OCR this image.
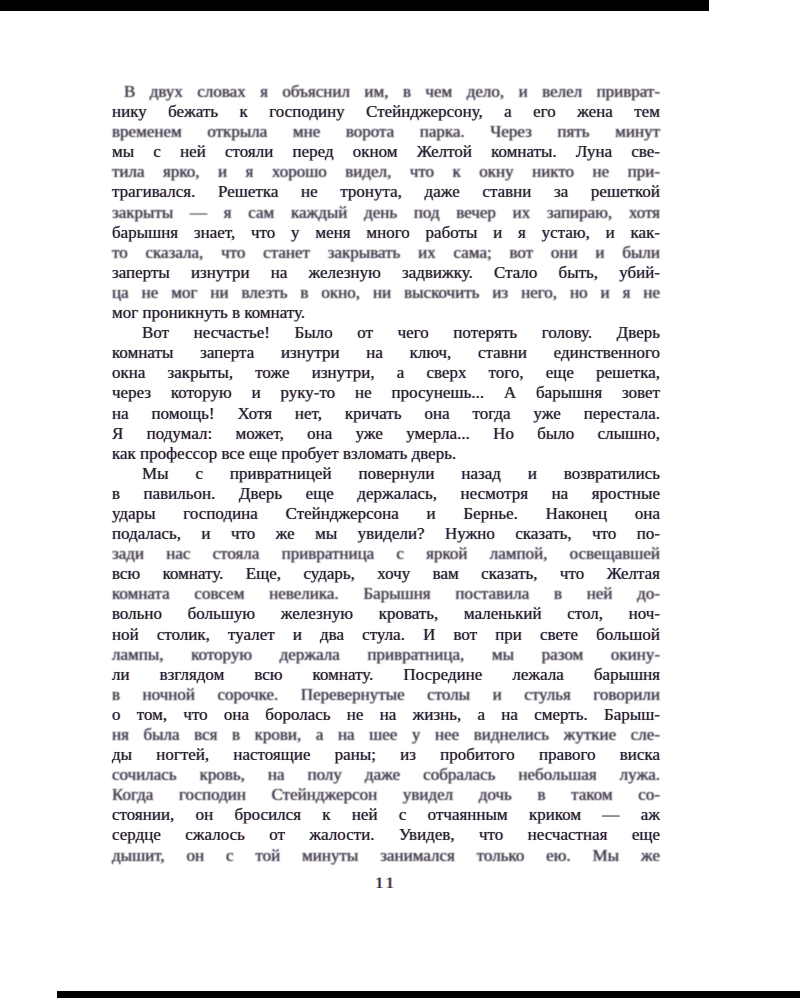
В двух словах я объяснил им, в чем дело, и велел приврат-
нику бежать к господину Стейнджерсону, а его жена тем
временем открыла мне ворота парка. Через пять минут
мы с ней стояли перед окном Желтой комнаты. Луна све-
тила ярко, и я хорошо видел, что к окну никто не при-
трагивался. Решетка не тронута, даже ставни за решеткой
закрыты — я сам каждый день под вечер их запираю, хотя
барышня знает, что у меня много работы и я устаю, и как-
то сказала, что станет закрывать их сама; вот они и были
заперты изнутри на железную задвижку. Стало быть, убий-
ца не мог ни влезть в окно, ни выскочить из него, но и я не
мог проникнуть в комнату.
Вот несчастье! Было от чего потерять голову. Дверь
комнаты заперта изнутри на ключ, ставни единственного
окна закрыты, тоже изнутри, а сверх того, еще решетка,
через которую и руку-то не просунешь... А барышня зовет
на помощь! Хотя нет, кричать она тогда уже перестала.
Я подумал: может, она уже умерла... Но было слышно,
как профессор все еще пробует взломать дверь.
Мы с привратницей повернули назад и возвратились
в павильон. Дверь еще держалась, несмотря на яростные
удары господина Стейнджерсона и Бернье. Наконец она
подалась, и что же мы увидели? Нужно сказать, что по-
зади нас стояла привратница с яркой лампой, освещавшей
всю комнату. Еще, сударь, хочу вам сказать, что Желтая
комната совсем невелика. Барышня поставила в ней до-
вольно большую железную кровать, маленький стол, ноч-
ной столик, туалет и два стула. И вот при свете большой
лампы, которую держала привратница, мы разом окину-
ли взглядом всю комнату. Посредине лежала барышня
в ночной сорочке. Перевернутые столы и стулья говорили
о том, что она боролась не на жизнь, а на смерть. Барыш-
ня была вся в крови, а на шее у нее виднелись жуткие сле-
ды ногтей, настоящие раны; из пробитого правого виска
сочилась кровь, на полу даже собралась небольшая лужа.
Когда господин Стейнджерсон увидел дочь в таком со-
стоянии, он бросился к ней с отчаянным криком — аж
сердце сжалось от жалости. Увидев, что несчастная еще
дышит, он с той минуты занимался только ею. Мы же
11
